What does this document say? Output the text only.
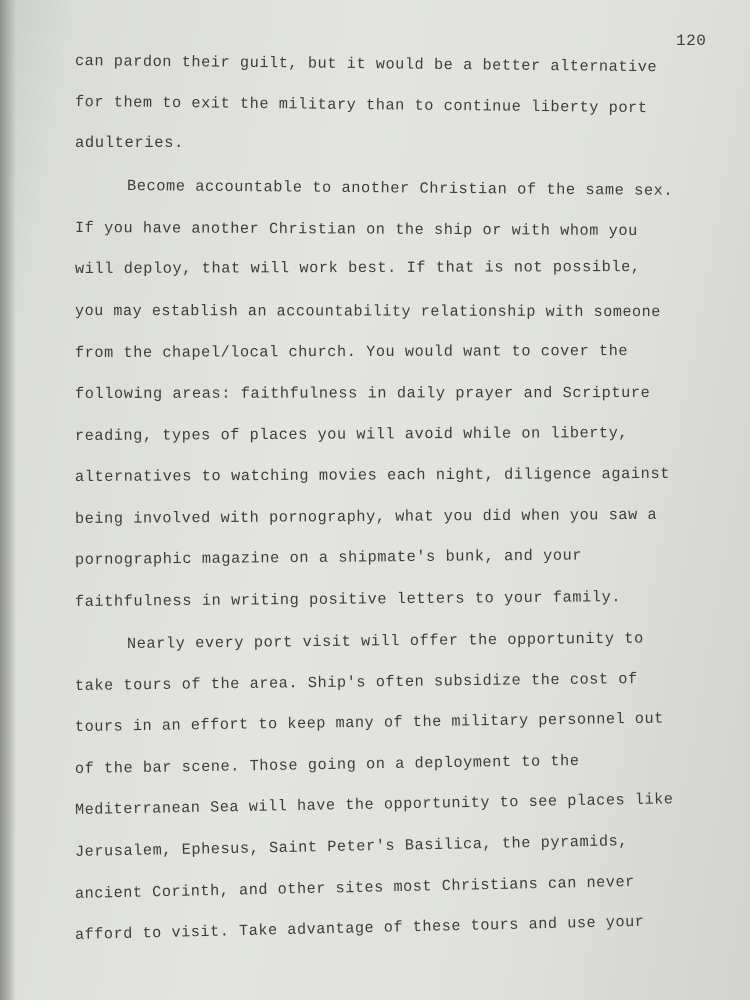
120
can pardon their guilt, but it would be a better alternative
for them to exit the military than to continue liberty port
adulteries.
Become accountable to another Christian of the same sex.
If you have another Christian on the ship or with whom you
will deploy, that will work best. If that is not possible,
you may establish an accountability relationship with someone
from the chapel/local church. You would want to cover the
following areas: faithfulness in daily prayer and Scripture
reading, types of places you will avoid while on liberty,
alternatives to watching movies each night, diligence against
being involved with pornography, what you did when you saw a
pornographic magazine on a shipmate's bunk, and your
faithfulness in writing positive letters to your family.
Nearly every port visit will offer the opportunity to
take tours of the area. Ship's often subsidize the cost of
tours in an effort to keep many of the military personnel out
of the bar scene. Those going on a deployment to the
Mediterranean Sea will have the opportunity to see places like
Jerusalem, Ephesus, Saint Peter's Basilica, the pyramids,
ancient Corinth, and other sites most Christians can never
afford to visit. Take advantage of these tours and use your
